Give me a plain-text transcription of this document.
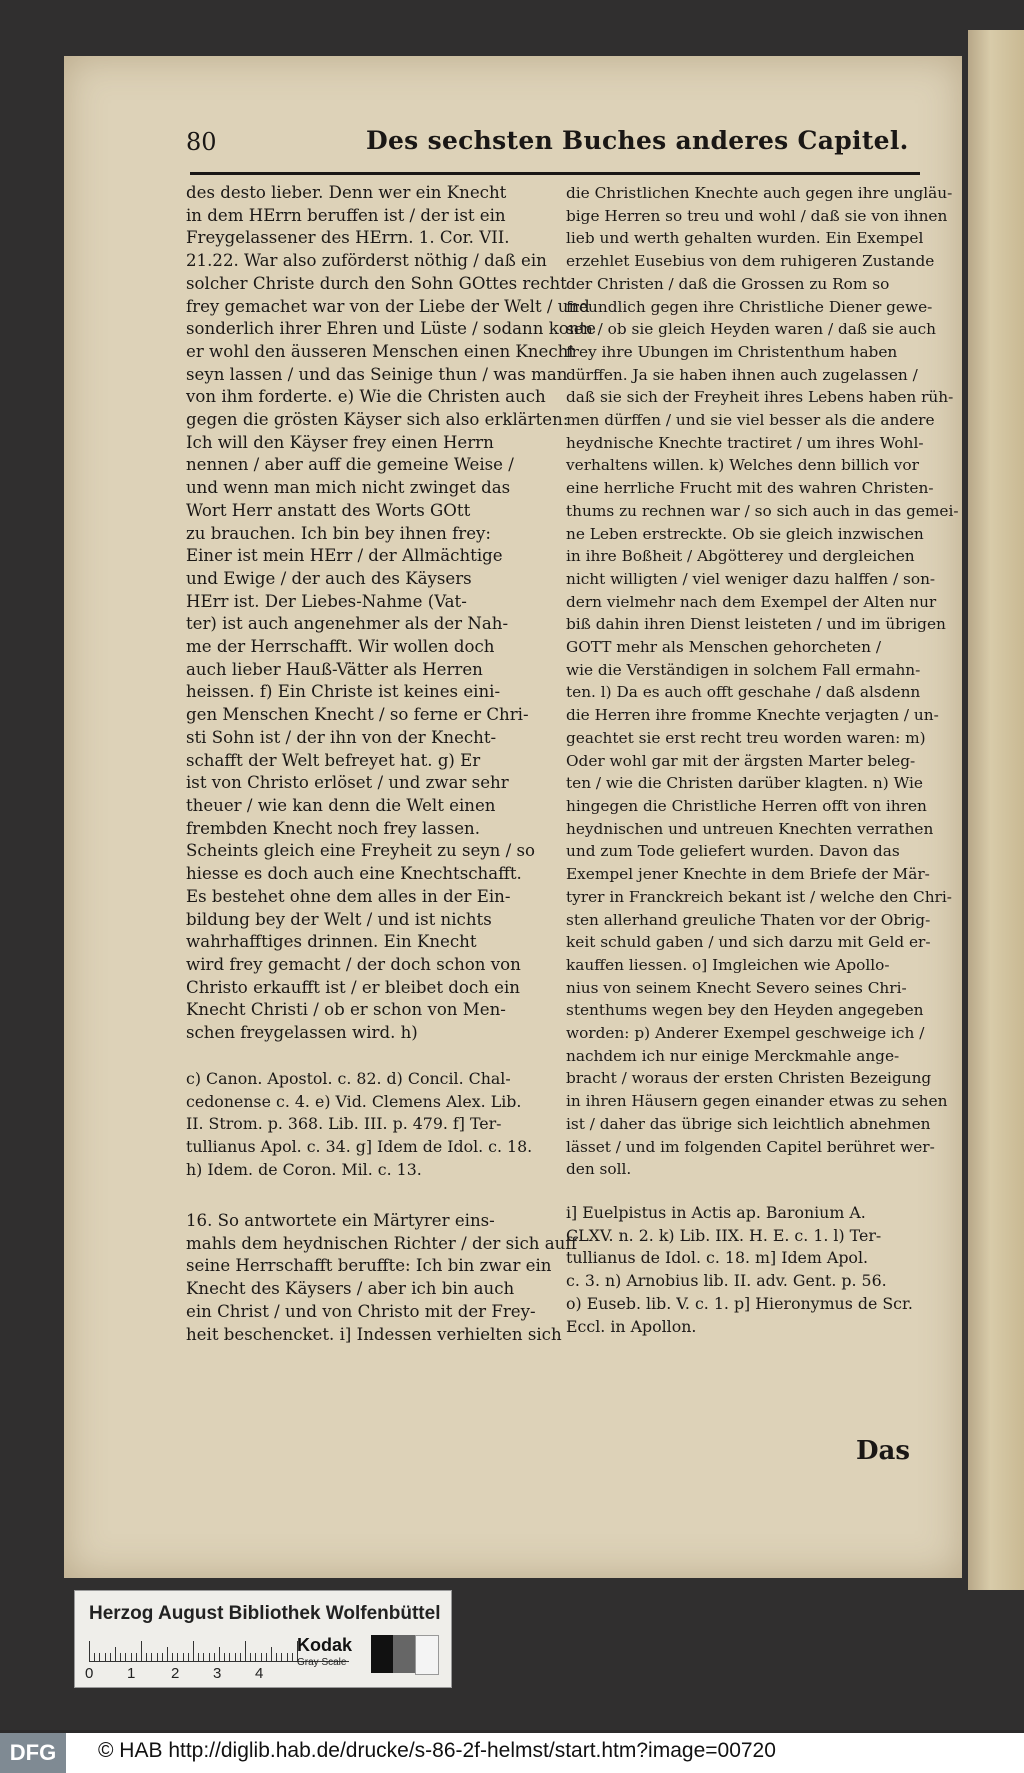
80	Des sechsten Buches anderes Capitel.

des desto lieber. Denn wer ein Knecht

in dem HErrn beruffen ist / der ist ein

Freygelassener des HErrn. 1. Cor. VII.

21.22. War also zuförderst nöthig / daß ein

solcher Christe durch den Sohn GOttes recht

frey gemachet war von der Liebe der Welt / und

sonderlich ihrer Ehren und Lüste / sodann konte

er wohl den äusseren Menschen einen Knecht

seyn lassen / und das Seinige thun / was man

von ihm forderte. e) Wie die Christen auch

gegen die grösten Käyser sich also erklärten:

Ich will den Käyser frey einen Herrn

nennen / aber auff die gemeine Weise /

und wenn man mich nicht zwinget das

Wort Herr anstatt des Worts GOtt

zu brauchen. Ich bin bey ihnen frey:

Einer ist mein HErr / der Allmächtige

und Ewige / der auch des Käysers

HErr ist. Der Liebes-Nahme (Vat-

ter) ist auch angenehmer als der Nah-

me der Herrschafft. Wir wollen doch

auch lieber Hauß-Vätter als Herren

heissen. f) Ein Christe ist keines eini-

gen Menschen Knecht / so ferne er Chri-

sti Sohn ist / der ihn von der Knecht-

schafft der Welt befreyet hat. g) Er

ist von Christo erlöset / und zwar sehr

theuer / wie kan denn die Welt einen

frembden Knecht noch frey lassen.

Scheints gleich eine Freyheit zu seyn / so

hiesse es doch auch eine Knechtschafft.

Es bestehet ohne dem alles in der Ein-

bildung bey der Welt / und ist nichts

wahrhafftiges drinnen. Ein Knecht

wird frey gemacht / der doch schon von

Christo erkaufft ist / er bleibet doch ein

Knecht Christi / ob er schon von Men-

schen freygelassen wird. h)

c) Canon. Apostol. c. 82. d) Concil. Chal-

cedonense c. 4. e) Vid. Clemens Alex. Lib.

II. Strom. p. 368. Lib. III. p. 479. f] Ter-

tullianus Apol. c. 34. g] Idem de Idol. c. 18.

h) Idem. de Coron. Mil. c. 13.

16. So antwortete ein Märtyrer eins-

mahls dem heydnischen Richter / der sich auff

seine Herrschafft beruffte: Ich bin zwar ein

Knecht des Käysers / aber ich bin auch

ein Christ / und von Christo mit der Frey-

heit beschencket. i] Indessen verhielten sich

die Christlichen Knechte auch gegen ihre ungläu-

bige Herren so treu und wohl / daß sie von ihnen

lieb und werth gehalten wurden. Ein Exempel

erzehlet Eusebius von dem ruhigeren Zustande

der Christen / daß die Grossen zu Rom so

freundlich gegen ihre Christliche Diener gewe-

sen / ob sie gleich Heyden waren / daß sie auch

frey ihre Ubungen im Christenthum haben

dürffen. Ja sie haben ihnen auch zugelassen /

daß sie sich der Freyheit ihres Lebens haben rüh-

men dürffen / und sie viel besser als die andere

heydnische Knechte tractiret / um ihres Wohl-

verhaltens willen. k) Welches denn billich vor

eine herrliche Frucht mit des wahren Christen-

thums zu rechnen war / so sich auch in das gemei-

ne Leben erstreckte. Ob sie gleich inzwischen

in ihre Boßheit / Abgötterey und dergleichen

nicht willigten / viel weniger dazu halffen / son-

dern vielmehr nach dem Exempel der Alten nur

biß dahin ihren Dienst leisteten / und im übrigen

GOTT mehr als Menschen gehorcheten /

wie die Verständigen in solchem Fall ermahn-

ten. l) Da es auch offt geschahe / daß alsdenn

die Herren ihre fromme Knechte verjagten / un-

geachtet sie erst recht treu worden waren: m)

Oder wohl gar mit der ärgsten Marter beleg-

ten / wie die Christen darüber klagten. n) Wie

hingegen die Christliche Herren offt von ihren

heydnischen und untreuen Knechten verrathen

und zum Tode geliefert wurden. Davon das

Exempel jener Knechte in dem Briefe der Mär-

tyrer in Franckreich bekant ist / welche den Chri-

sten allerhand greuliche Thaten vor der Obrig-

keit schuld gaben / und sich darzu mit Geld er-

kauffen liessen. o] Imgleichen wie Apollo-

nius von seinem Knecht Severo seines Chri-

stenthums wegen bey den Heyden angegeben

worden: p) Anderer Exempel geschweige ich /

nachdem ich nur einige Merckmahle ange-

bracht / woraus der ersten Christen Bezeigung

in ihren Häusern gegen einander etwas zu sehen

ist / daher das übrige sich leichtlich abnehmen

lässet / und im folgenden Capitel berühret wer-

den soll.

i] Euelpistus in Actis ap. Baronium A.

CLXV. n. 2. k) Lib. IIX. H. E. c. 1. l) Ter-

tullianus de Idol. c. 18. m] Idem Apol.

c. 3. n) Arnobius lib. II. adv. Gent. p. 56.

o) Euseb. lib. V. c. 1. p] Hieronymus de Scr.

Eccl. in Apollon.

Das
Herzog August Bibliothek Wolfenbüttel
0 1 2 3 4
Kodak
Gray Scale
DFG	© HAB http://diglib.hab.de/drucke/s-86-2f-helmst/start.htm?image=00720
